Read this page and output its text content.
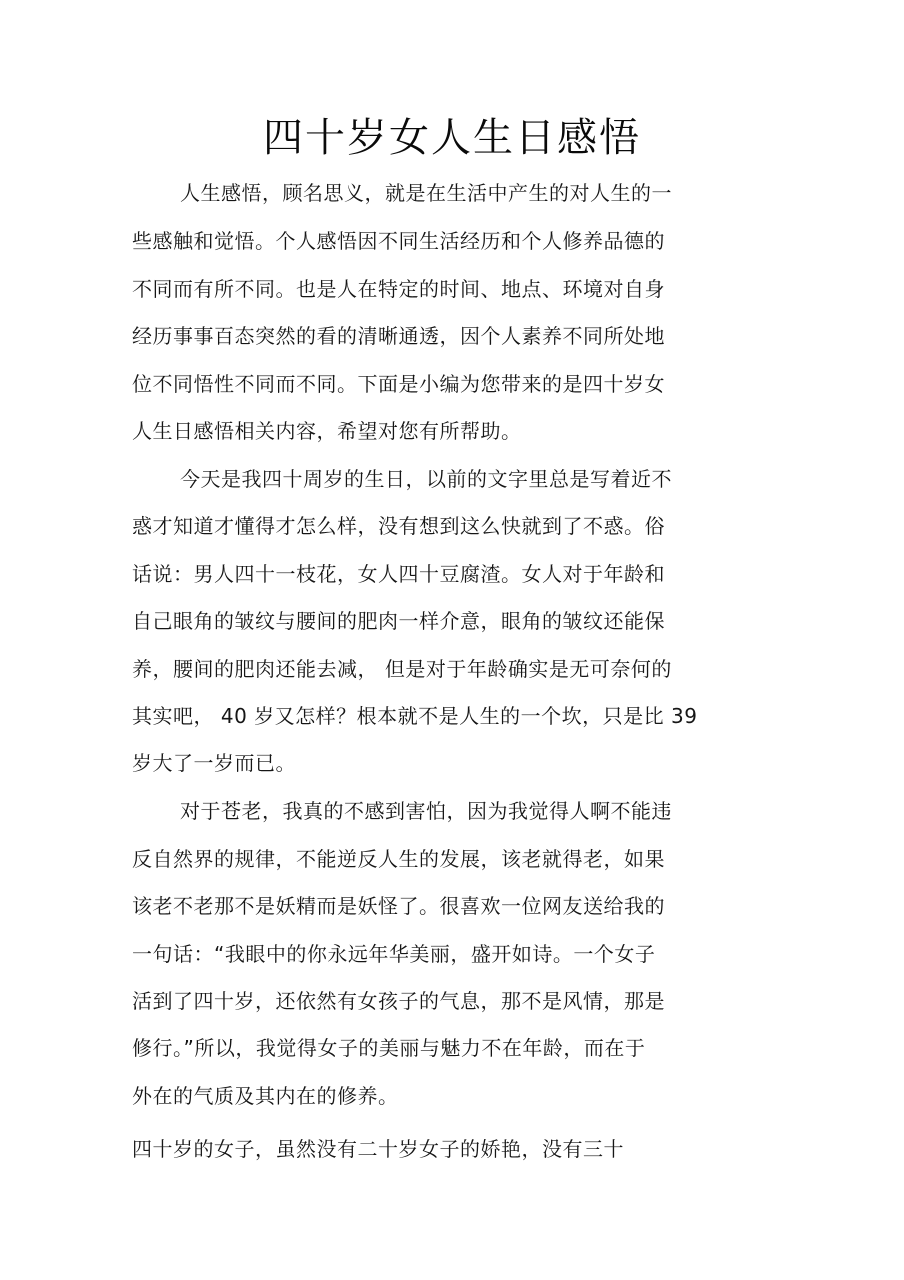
四十岁女人生日感悟
人生感悟，顾名思义，就是在生活中产生的对人生的一
些感触和觉悟。个人感悟因不同生活经历和个人修养品德的
不同而有所不同。也是人在特定的时间、地点、环境对自身
经历事事百态突然的看的清晰通透，因个人素养不同所处地
位不同悟性不同而不同。下面是小编为您带来的是四十岁女
人生日感悟相关内容，希望对您有所帮助。
今天是我四十周岁的生日，以前的文字里总是写着近不
惑才知道才懂得才怎么样，没有想到这么快就到了不惑。俗
话说：男人四十一枝花，女人四十豆腐渣。女人对于年龄和
自己眼角的皱纹与腰间的肥肉一样介意，眼角的皱纹还能保
养，腰间的肥肉还能去减， 但是对于年龄确实是无可奈何的
其实吧， 40 岁又怎样？根本就不是人生的一个坎，只是比 39
岁大了一岁而已。
对于苍老，我真的不感到害怕，因为我觉得人啊不能违
反自然界的规律，不能逆反人生的发展，该老就得老，如果
该老不老那不是妖精而是妖怪了。很喜欢一位网友送给我的
一句话：“我眼中的你永远年华美丽，盛开如诗。一个女子
活到了四十岁，还依然有女孩子的气息，那不是风情，那是
修行。”所以，我觉得女子的美丽与魅力不在年龄，而在于
外在的气质及其内在的修养。
四十岁的女子，虽然没有二十岁女子的娇艳，没有三十
